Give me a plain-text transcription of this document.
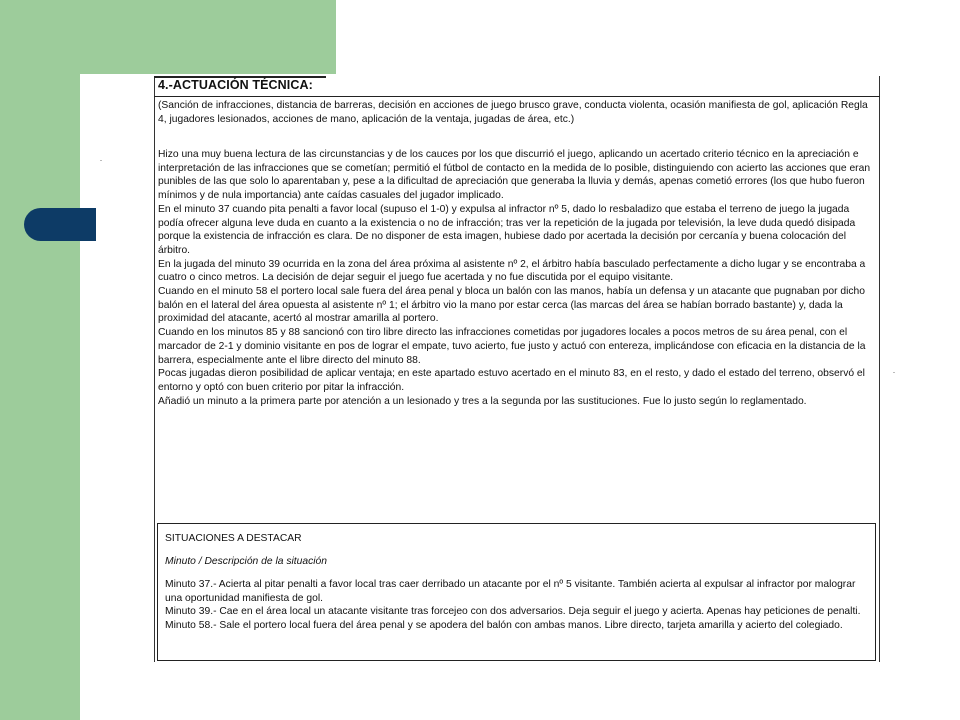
4.-ACTUACIÓN TÉCNICA:

(Sanción de infracciones, distancia de barreras, decisión en acciones de juego brusco grave, conducta violenta, ocasión manifiesta de gol, aplicación Regla 4, jugadores lesionados, acciones de mano, aplicación de la ventaja, jugadas de área, etc.)

Hizo una muy buena lectura de las circunstancias y de los cauces por los que discurrió el juego, aplicando un acertado criterio técnico en la apreciación e interpretación de las infracciones que se cometían; permitió el fútbol de contacto en la medida de lo posible, distinguiendo con acierto las acciones que eran punibles de las que solo lo aparentaban y, pese a la dificultad de apreciación que generaba la lluvia y demás, apenas cometió errores (los que hubo fueron mínimos y de nula importancia) ante caídas casuales del jugador implicado.

En el minuto 37 cuando pita penalti a favor local (supuso el 1-0) y expulsa al infractor nº 5, dado lo resbaladizo que estaba el terreno de juego la jugada podía ofrecer alguna leve duda en cuanto a la existencia o no de infracción; tras ver la repetición de la jugada por televisión, la leve duda quedó disipada porque la existencia de infracción es clara. De no disponer de esta imagen, hubiese dado por acertada la decisión por cercanía y buena colocación del árbitro.

En la jugada del minuto 39 ocurrida en la zona del área próxima al asistente nº 2, el árbitro había basculado perfectamente a dicho lugar y se encontraba a cuatro o cinco metros. La decisión de dejar seguir el juego fue acertada y no fue discutida por el equipo visitante.

Cuando en el minuto 58 el portero local sale fuera del área penal y bloca un balón con las manos, había un defensa y un atacante que pugnaban por dicho balón en el lateral del área opuesta al asistente nº 1; el árbitro vio la mano por estar cerca (las marcas del área se habían borrado bastante) y, dada la proximidad del atacante, acertó al mostrar amarilla al portero.

Cuando en los minutos 85 y 88 sancionó con tiro libre directo las infracciones cometidas por jugadores locales a pocos metros de su área penal, con el marcador de 2-1 y dominio visitante en pos de lograr el empate, tuvo acierto, fue justo y actuó con entereza, implicándose con eficacia en la distancia de la barrera, especialmente ante el libre directo del minuto 88.

Pocas jugadas dieron posibilidad de aplicar ventaja; en este apartado estuvo acertado en el minuto 83, en el resto, y dado el estado del terreno, observó el entorno y optó con buen criterio por pitar la infracción.

Añadió un minuto a la primera parte por atención a un lesionado y tres a la segunda por las sustituciones. Fue lo justo según lo reglamentado.

SITUACIONES A DESTACAR

Minuto / Descripción de la situación

Minuto 37.- Acierta al pitar penalti a favor local tras caer derribado un atacante por el nº 5 visitante. También acierta al expulsar al infractor por malograr una oportunidad manifiesta de gol.

Minuto 39.- Cae en el área local un atacante visitante tras forcejeo con dos adversarios. Deja seguir el juego y acierta. Apenas hay peticiones de penalti.

Minuto 58.- Sale el portero local fuera del área penal y se apodera del balón con ambas manos. Libre directo, tarjeta amarilla y acierto del colegiado.
